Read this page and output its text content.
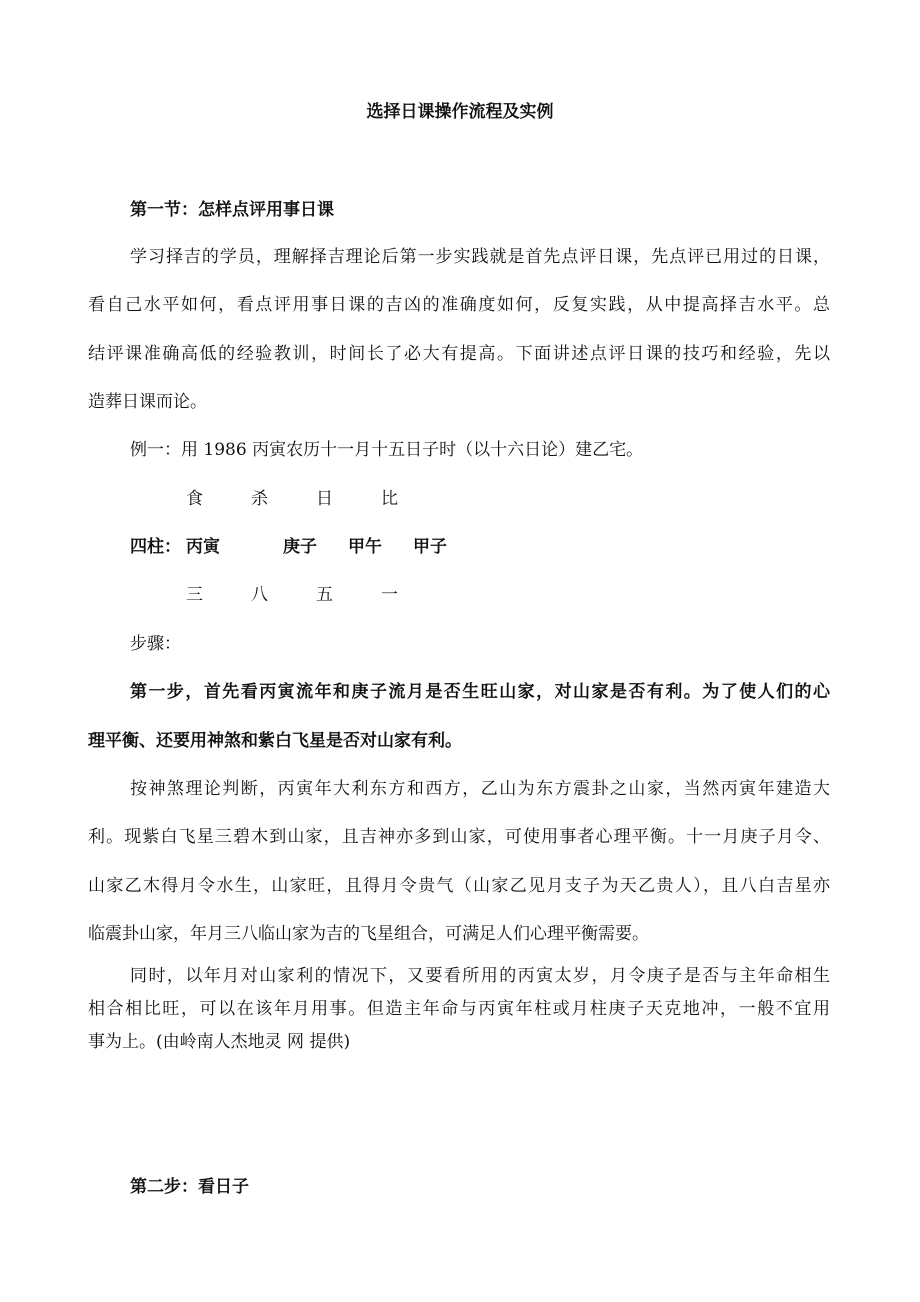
选择日课操作流程及实例
第一节：怎样点评用事日课
学习择吉的学员，理解择吉理论后第一步实践就是首先点评日课，先点评已用过的日课，
看自己水平如何，看点评用事日课的吉凶的准确度如何，反复实践，从中提高择吉水平。总
结评课准确高低的经验教训，时间长了必大有提高。下面讲述点评日课的技巧和经验，先以
造葬日课而论。
例一：用 1986 丙寅农历十一月十五日子时（以十六日论）建乙宅。
食	杀	日	比
四柱： 丙寅	庚子 甲午 甲子
三	八	五	一
步骤：
第一步，首先看丙寅流年和庚子流月是否生旺山家，对山家是否有利。为了使人们的心
理平衡、还要用神煞和紫白飞星是否对山家有利。
按神煞理论判断，丙寅年大利东方和西方，乙山为东方震卦之山家，当然丙寅年建造大
利。现紫白飞星三碧木到山家，且吉神亦多到山家，可使用事者心理平衡。十一月庚子月令、
山家乙木得月令水生，山家旺，且得月令贵气（山家乙见月支子为天乙贵人），且八白吉星亦
临震卦山家，年月三八临山家为吉的飞星组合，可满足人们心理平衡需要。
同时，以年月对山家利的情况下，又要看所用的丙寅太岁，月令庚子是否与主年命相生
相合相比旺，可以在该年月用事。但造主年命与丙寅年柱或月柱庚子天克地冲，一般不宜用
事为上。(由岭南人杰地灵 网 提供)
第二步：看日子
